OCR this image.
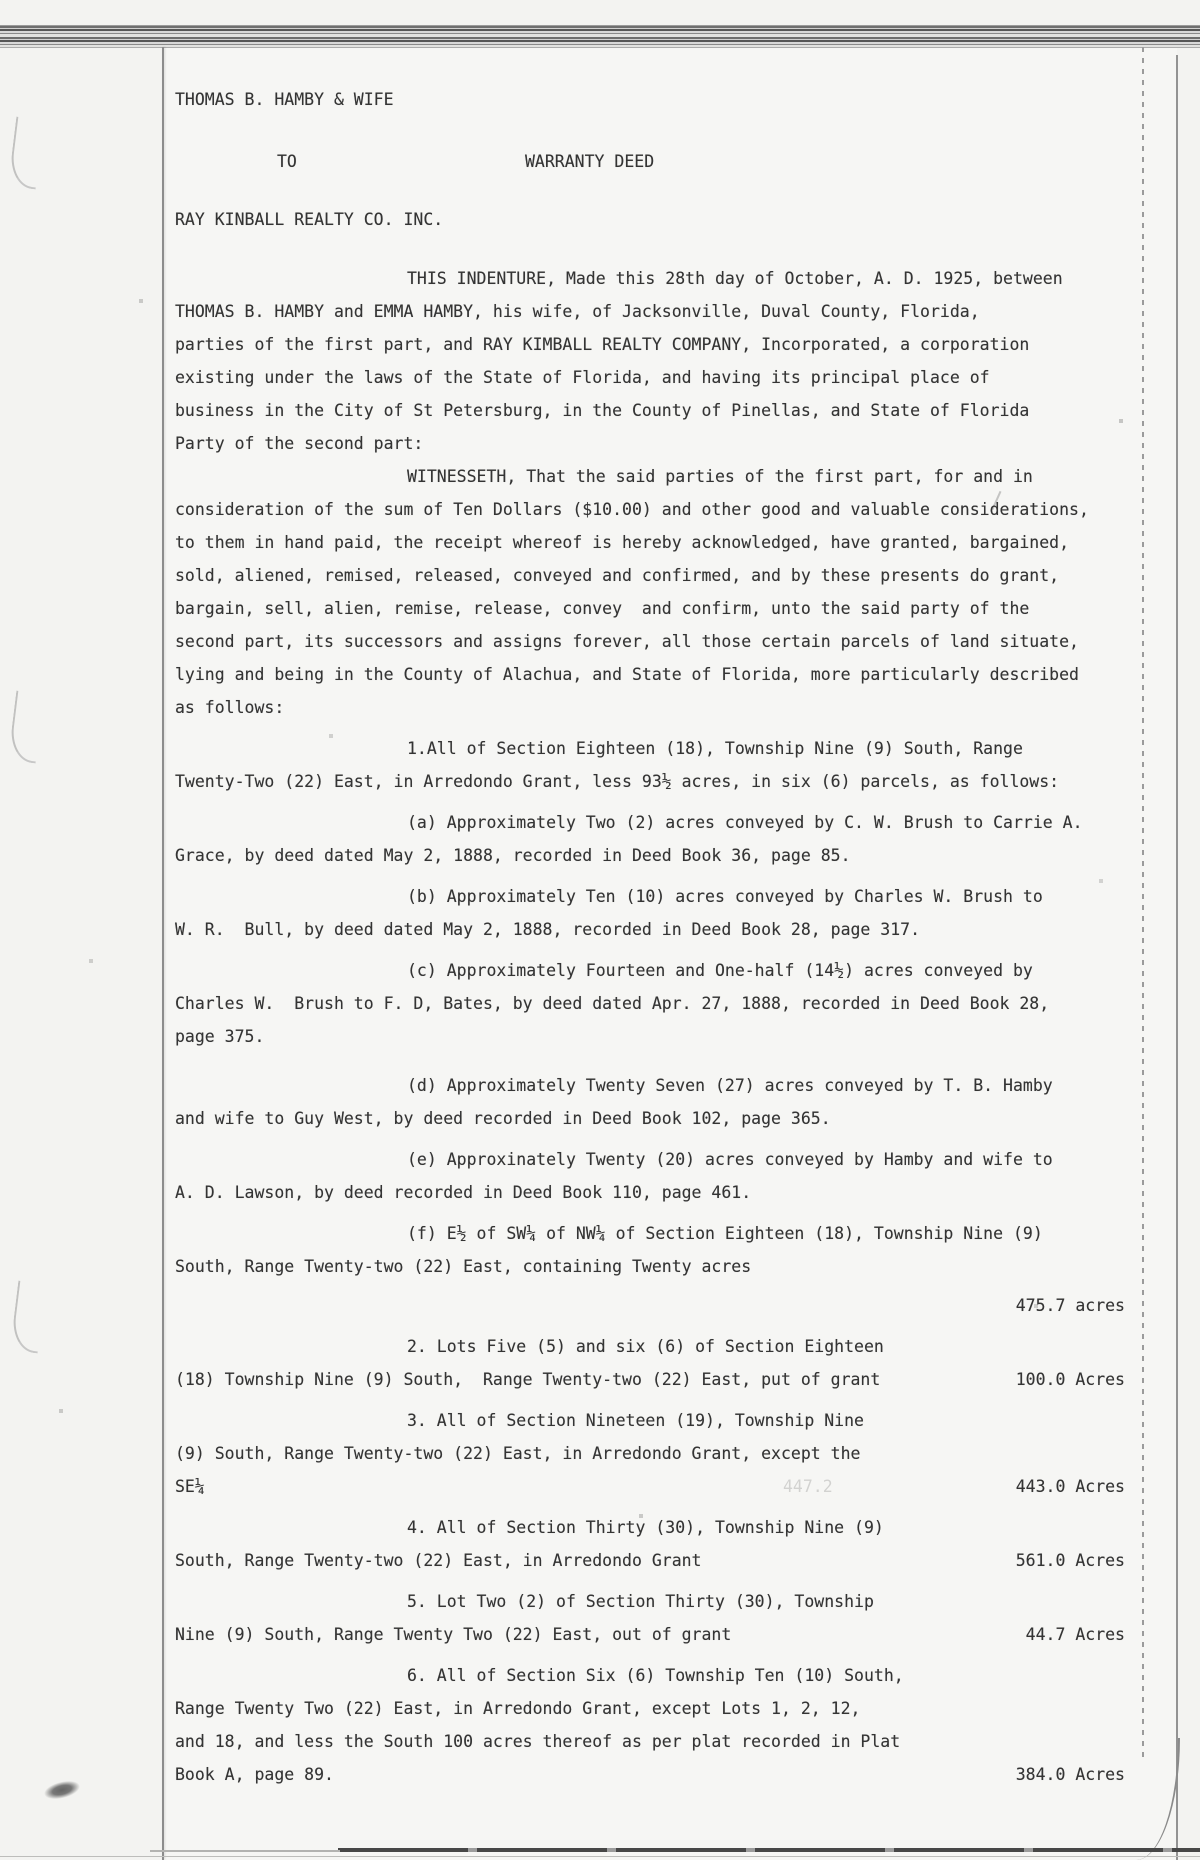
THOMAS B. HAMBY & WIFE

TO

	WARRANTY DEED

RAY KINBALL REALTY CO. INC.
THIS INDENTURE, Made this 28th day of October, A. D. 1925, between
THOMAS B. HAMBY and EMMA HAMBY, his wife, of Jacksonville, Duval County, Florida,
parties of the first part, and RAY KIMBALL REALTY COMPANY, Incorporated, a corporation
existing under the laws of the State of Florida, and having its principal place of
business in the City of St Petersburg, in the County of Pinellas, and State of Florida
Party of the second part:
WITNESSETH, That the said parties of the first part, for and in
consideration of the sum of Ten Dollars ($10.00) and other good and valuable considerations,
to them in hand paid, the receipt whereof is hereby acknowledged, have granted, bargained,
sold, aliened, remised, released, conveyed and confirmed, and by these presents do grant,
bargain, sell, alien, remise, release, convey  and confirm, unto the said party of the
second part, its successors and assigns forever, all those certain parcels of land situate,
lying and being in the County of Alachua, and State of Florida, more particularly described
as follows:
1.All of Section Eighteen (18), Township Nine (9) South, Range
Twenty-Two (22) East, in Arredondo Grant, less 93½ acres, in six (6) parcels, as follows:
(a) Approximately Two (2) acres conveyed by C. W. Brush to Carrie A.
Grace, by deed dated May 2, 1888, recorded in Deed Book 36, page 85.
(b) Approximately Ten (10) acres conveyed by Charles W. Brush to
W. R.  Bull, by deed dated May 2, 1888, recorded in Deed Book 28, page 317.
(c) Approximately Fourteen and One-half (14½) acres conveyed by
Charles W.  Brush to F. D, Bates, by deed dated Apr. 27, 1888, recorded in Deed Book 28,
page 375.
(d) Approximately Twenty Seven (27) acres conveyed by T. B. Hamby
and wife to Guy West, by deed recorded in Deed Book 102, page 365.
(e) Approxinately Twenty (20) acres conveyed by Hamby and wife to
A. D. Lawson, by deed recorded in Deed Book 110, page 461.
(f) E½ of SW¼ of NW¼ of Section Eighteen (18), Township Nine (9)
South, Range Twenty-two (22) East, containing Twenty acres
475.7 acres
2. Lots Five (5) and six (6) of Section Eighteen
(18) Township Nine (9) South,  Range Twenty-two (22) East, put of grant	100.0 Acres
3. All of Section Nineteen (19), Township Nine
(9) South, Range Twenty-two (22) East, in Arredondo Grant, except the
SE¼	447.2	443.0 Acres
4. All of Section Thirty (30), Township Nine (9)
South, Range Twenty-two (22) East, in Arredondo Grant	561.0 Acres
5. Lot Two (2) of Section Thirty (30), Township
Nine (9) South, Range Twenty Two (22) East, out of grant	44.7 Acres
6. All of Section Six (6) Township Ten (10) South,
Range Twenty Two (22) East, in Arredondo Grant, except Lots 1, 2, 12,
and 18, and less the South 100 acres thereof as per plat recorded in Plat
Book A, page 89.	384.0 Acres
